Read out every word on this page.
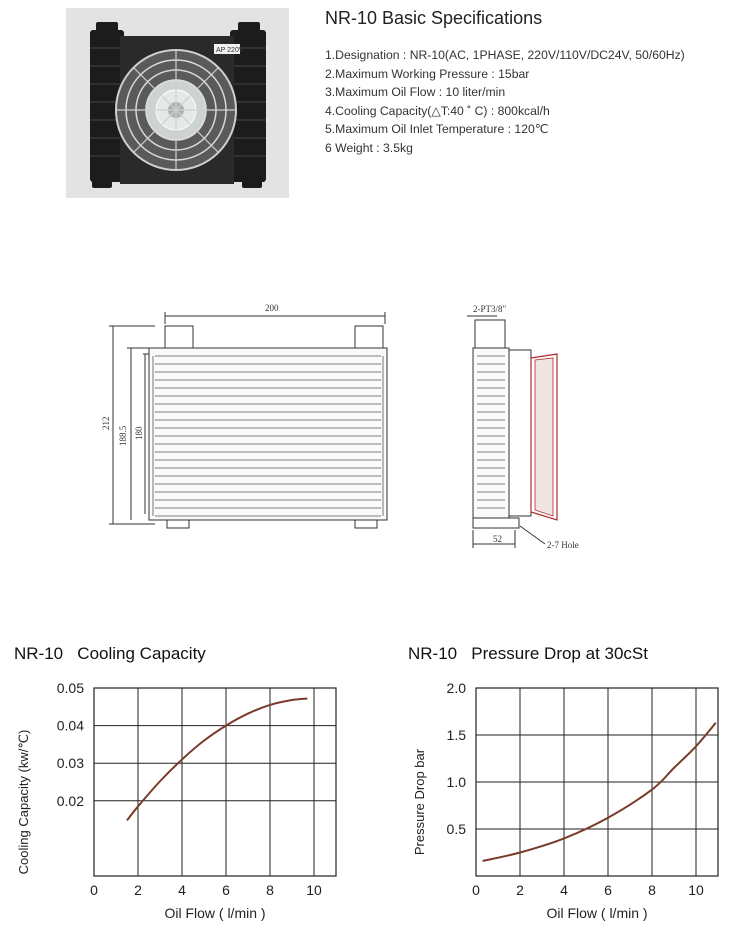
AP 220V
NR-10 Basic Specifications
1.Designation : NR-10(AC, 1PHASE, 220V/110V/DC24V, 50/60Hz)
2.Maximum Working Pressure : 15bar
3.Maximum Oil Flow : 10 liter/min
4.Cooling Capacity(△T:40 ˚ C) : 800kcal/h
5.Maximum Oil Inlet Temperature : 120℃
6 Weight : 3.5kg
200
212
188.5 180
2-PT3/8"
52
2-7 Hole
NR-10   Cooling Capacity	NR-10   Pressure Drop at 30cSt
0	2	4	6	8 10
0.02
0.03
0.04
0.05
Oil Flow ( l/min )
Cooling Capacity (kw/℃)
0	2	4	6	8 10
0.5
1.0
1.5
2.0
Oil Flow ( l/min )
Pressure Drop bar
